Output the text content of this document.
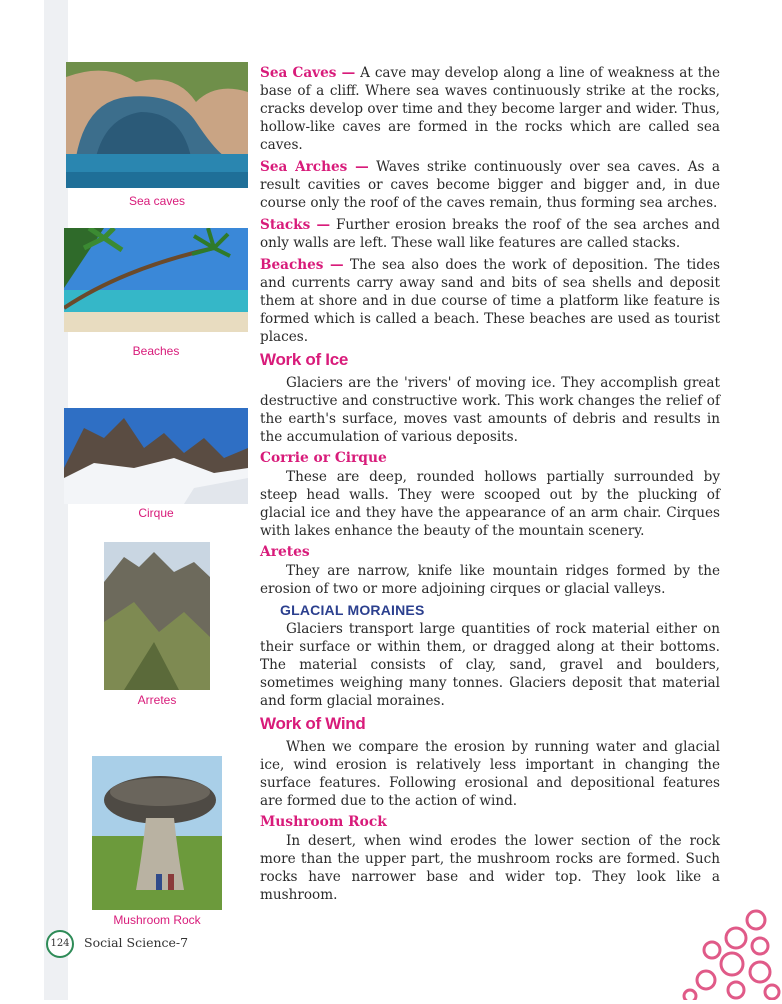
Sea caves
Beaches
Cirque
Arretes
Mushroom Rock

Sea Caves — A cave may develop along a line of weakness at the base of a cliff. Where sea waves continuously strike at the rocks, cracks develop over time and they become larger and wider. Thus, hollow-like caves are formed in the rocks which are called sea caves.

Sea Arches — Waves strike continuously over sea caves. As a result cavities or caves become bigger and bigger and, in due course only the roof of the caves remain, thus forming sea arches.

Stacks — Further erosion breaks the roof of the sea arches and only walls are left. These wall like features are called stacks.

Beaches — The sea also does the work of deposition. The tides and currents carry away sand and bits of sea shells and deposit them at shore and in due course of time a platform like feature is formed which is called a beach. These beaches are used as tourist places.

Work of Ice

Glaciers are the 'rivers' of moving ice. They accomplish great destructive and constructive work. This work changes the relief of the earth's surface, moves vast amounts of debris and results in the accumulation of various deposits.

Corrie or Cirque

These are deep, rounded hollows partially surrounded by steep head walls. They were scooped out by the plucking of glacial ice and they have the appearance of an arm chair. Cirques with lakes enhance the beauty of the mountain scenery.

Aretes

They are narrow, knife like mountain ridges formed by the erosion of two or more adjoining cirques or glacial valleys.

GLACIAL MORAINES

Glaciers transport large quantities of rock material either on their surface or within them, or dragged along at their bottoms. The material consists of clay, sand, gravel and boulders, sometimes weighing many tonnes. Glaciers deposit that material and form glacial moraines.

Work of Wind

When we compare the erosion by running water and glacial ice, wind erosion is relatively less important in changing the surface features. Following erosional and depositional features are formed due to the action of wind.

Mushroom Rock

In desert, when wind erodes the lower section of the rock more than the upper part, the mushroom rocks are formed. Such rocks have narrower base and wider top. They look like a mushroom.

124	Social Science-7
